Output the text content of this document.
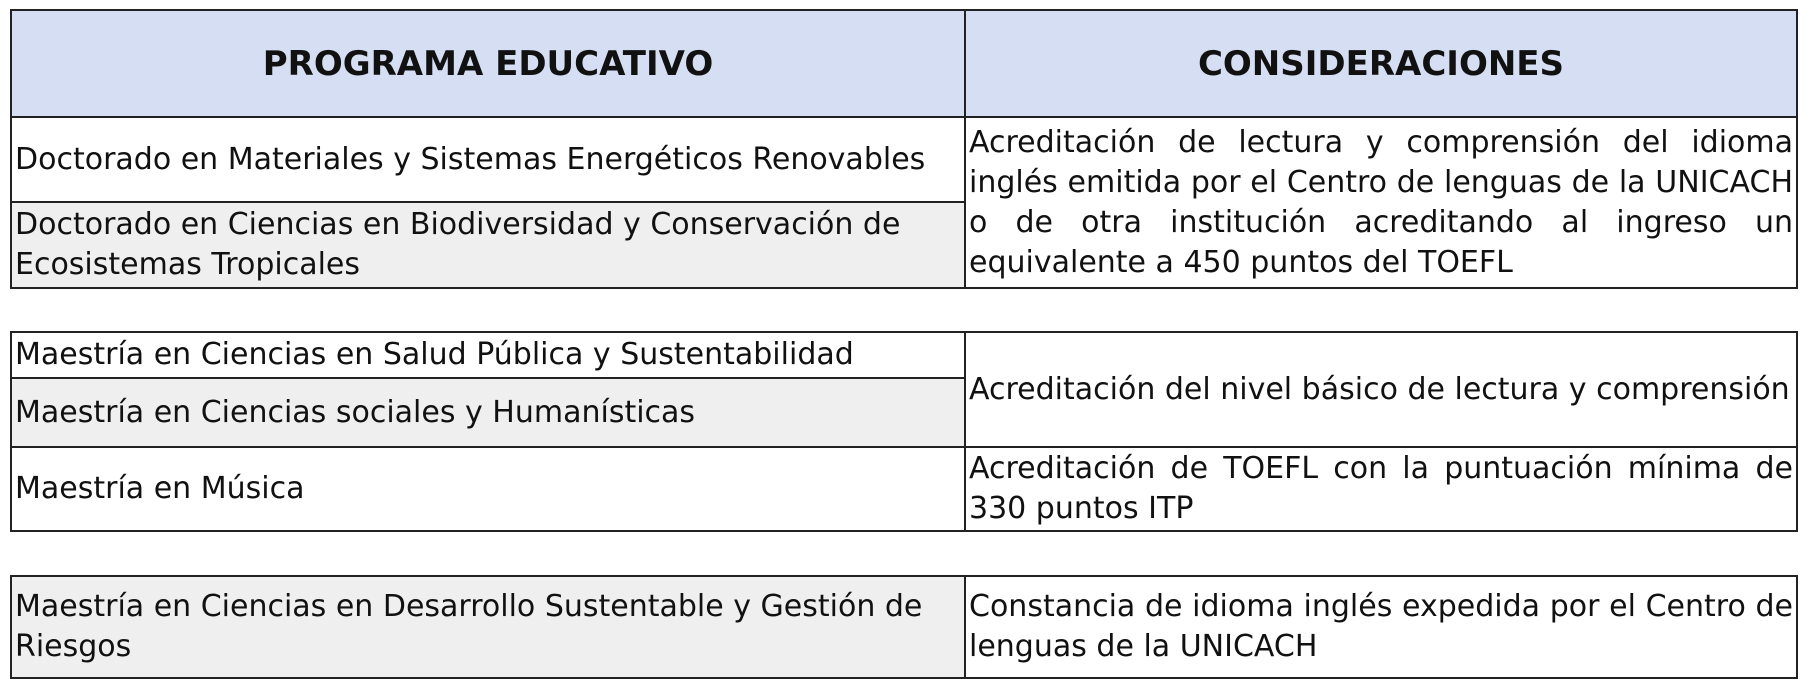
PROGRAMA EDUCATIVO	CONSIDERACIONES
Doctorado en Materiales y Sistemas Energéticos Renovables Acreditación de lectura y comprensión del idioma inglés emitida por el Centro de lenguas de la UNICACH o de otra institución acreditando al ingreso un equivalente a 450 puntos del TOEFL
Doctorado en Ciencias en Biodiversidad y Conservación de Ecosistemas Tropicales
Maestría en Ciencias en Salud Pública y Sustentabilidad
Acreditación del nivel básico de lectura y comprensión
Maestría en Ciencias sociales y Humanísticas
Maestría en Música
Acreditación de TOEFL con la puntuación mínima de 330 puntos ITP
Maestría en Ciencias en Desarrollo Sustentable y Gestión de Riesgos
Constancia de idioma inglés expedida por el Centro de lenguas de la UNICACH
